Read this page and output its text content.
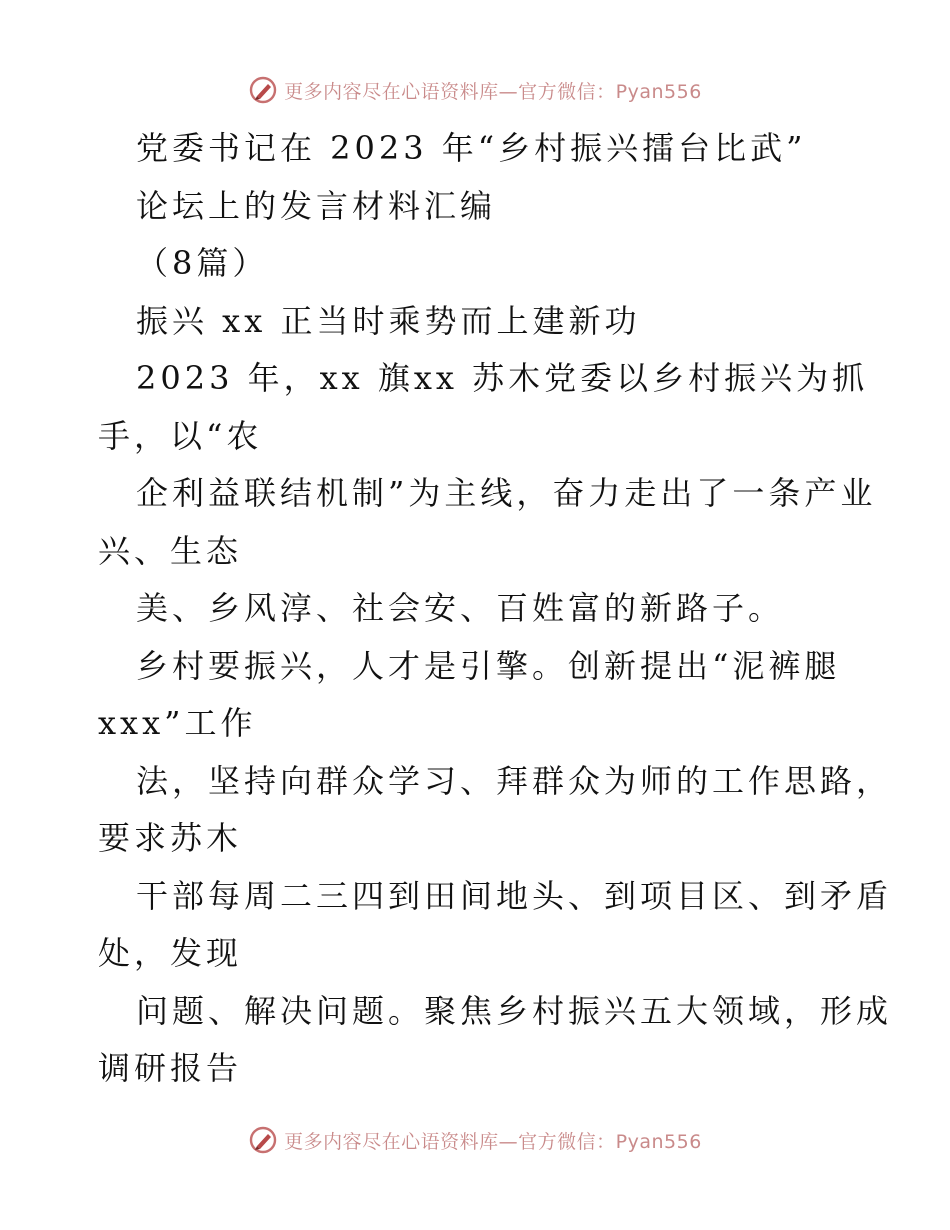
更多内容尽在心语资料库—官方微信：Pyan556
党委书记在 2023 年“乡村振兴擂台比武”
论坛上的发言材料汇编
（8篇）
振兴 xx 正当时乘势而上建新功
2023 年，xx 旗xx 苏木党委以乡村振兴为抓
手，以“农
企利益联结机制”为主线，奋力走出了一条产业
兴、生态
美、乡风淳、社会安、百姓富的新路子。
乡村要振兴，人才是引擎。创新提出“泥裤腿
xxx”工作
法，坚持向群众学习、拜群众为师的工作思路，
要求苏木
干部每周二三四到田间地头、到项目区、到矛盾
处，发现
问题、解决问题。聚焦乡村振兴五大领域，形成
调研报告
更多内容尽在心语资料库—官方微信：Pyan556
